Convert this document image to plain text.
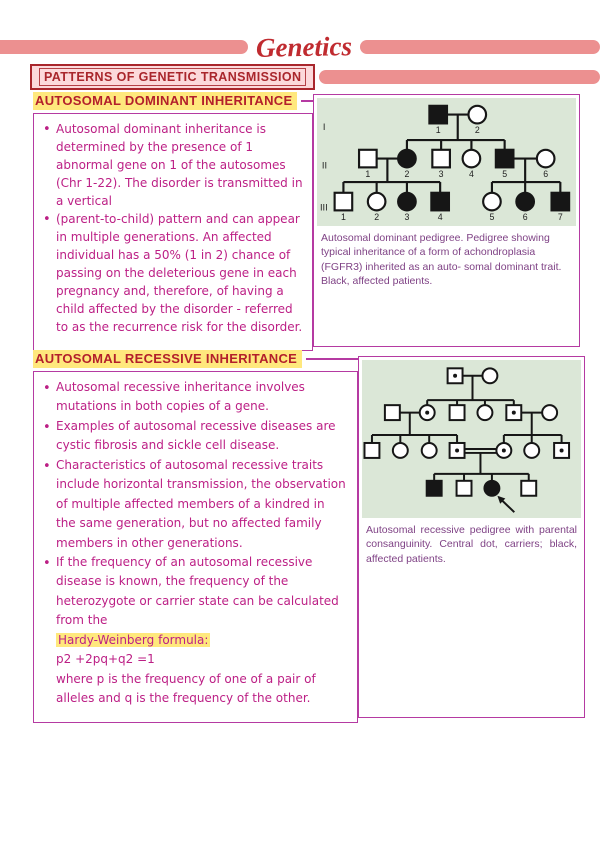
Genetics
PATTERNS OF GENETIC TRANSMISSION
AUTOSOMAL DOMINANT INHERITANCE
• Autosomal dominant inheritance is determined by the presence of 1 abnormal gene on 1 of the autosomes (Chr 1-22). The disorder is transmitted in a vertical
• (parent-to-child) pattern and can appear in multiple generations. An affected individual has a 50% (1 in 2) chance of passing on the deleterious gene in each pregnancy and, therefore, of having a child affected by the disorder - referred to as the recurrence risk for the disorder.
1	2
1	2	3	4	5	6
1	2	3	4	5	6	7
I
II
III
Autosomal dominant pedigree. Pedigree showing typical inheritance of a form of achondroplasia (FGFR3) inherited as an auto- somal dominant trait. Black, affected patients.
AUTOSOMAL RECESSIVE INHERITANCE
• Autosomal recessive inheritance involves mutations in both copies of a gene.
• Examples of autosomal recessive diseases are cystic fibrosis and sickle cell disease.
• Characteristics of autosomal recessive traits include horizontal transmission, the observation of multiple affected members of a kindred in the same generation, but no affected family members in other generations.
• If the frequency of an autosomal recessive disease is known, the frequency of the heterozygote or carrier state can be calculated from the
Hardy-Weinberg formula:
p2 +2pq+q2 =1
where p is the frequency of one of a pair of alleles and q is the frequency of the other.
Autosomal recessive pedigree with parental consanguinity. Central dot, carriers; black, affected patients.
